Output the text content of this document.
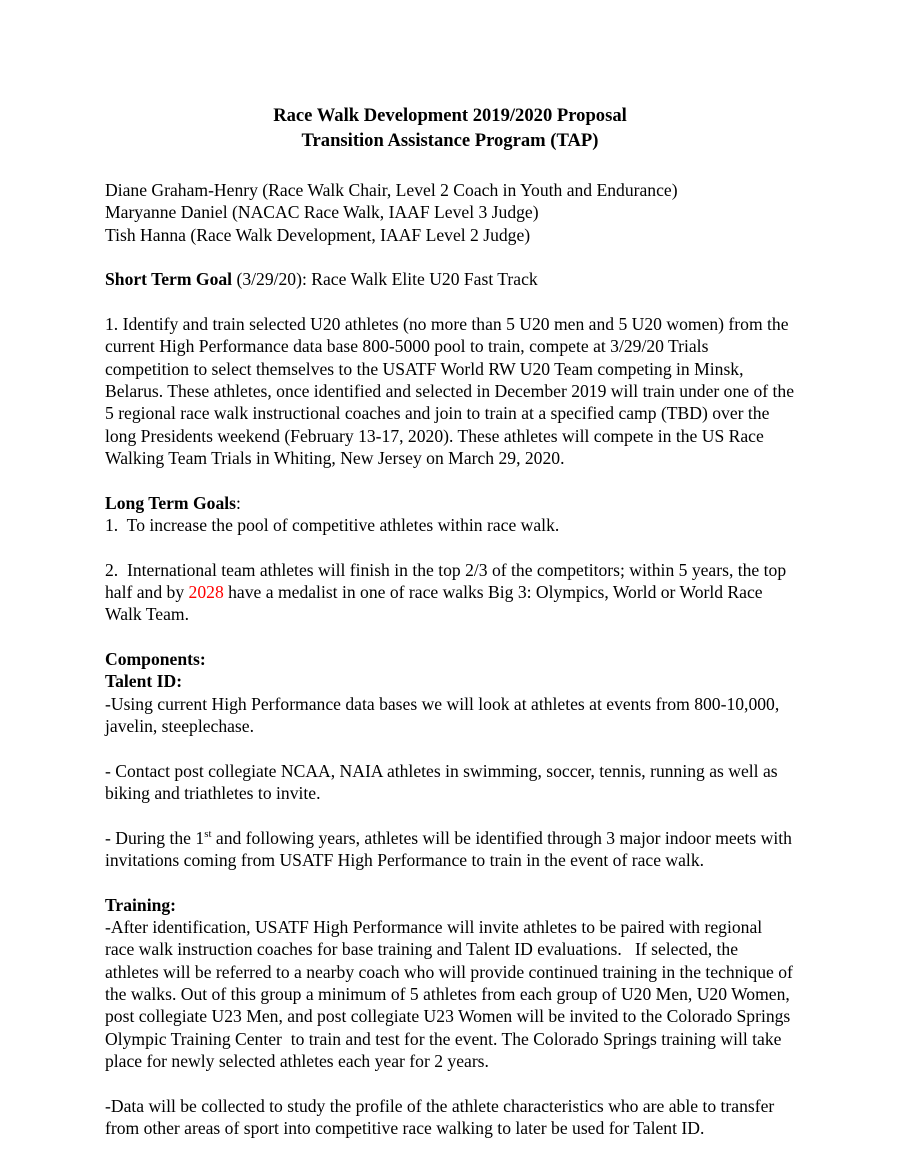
Race Walk Development 2019/2020 Proposal
Transition Assistance Program (TAP)

Diane Graham-Henry (Race Walk Chair, Level 2 Coach in Youth and Endurance)

Maryanne Daniel (NACAC Race Walk, IAAF Level 3 Judge)

Tish Hanna (Race Walk Development, IAAF Level 2 Judge)

Short Term Goal (3/29/20): Race Walk Elite U20 Fast Track

1. Identify and train selected U20 athletes (no more than 5 U20 men and 5 U20 women) from the current High Performance data base 800-5000 pool to train, compete at 3/29/20 Trials competition to select themselves to the USATF World RW U20 Team competing in Minsk, Belarus. These athletes, once identified and selected in December 2019 will train under one of the 5 regional race walk instructional coaches and join to train at a specified camp (TBD) over the long Presidents weekend (February 13-17, 2020). These athletes will compete in the US Race Walking Team Trials in Whiting, New Jersey on March 29, 2020.

Long Term Goals:

1.  To increase the pool of competitive athletes within race walk.

2.  International team athletes will finish in the top 2/3 of the competitors; within 5 years, the top half and by 2028 have a medalist in one of race walks Big 3: Olympics, World or World Race Walk Team.

Components:

Talent ID:

-Using current High Performance data bases we will look at athletes at events from 800-10,000, javelin, steeplechase.

- Contact post collegiate NCAA, NAIA athletes in swimming, soccer, tennis, running as well as biking and triathletes to invite.

- During the 1st and following years, athletes will be identified through 3 major indoor meets with invitations coming from USATF High Performance to train in the event of race walk.

Training:

-After identification, USATF High Performance will invite athletes to be paired with regional race walk instruction coaches for base training and Talent ID evaluations.   If selected, the athletes will be referred to a nearby coach who will provide continued training in the technique of the walks. Out of this group a minimum of 5 athletes from each group of U20 Men, U20 Women, post collegiate U23 Men, and post collegiate U23 Women will be invited to the Colorado Springs Olympic Training Center  to train and test for the event. The Colorado Springs training will take place for newly selected athletes each year for 2 years.

-Data will be collected to study the profile of the athlete characteristics who are able to transfer from other areas of sport into competitive race walking to later be used for Talent ID.
